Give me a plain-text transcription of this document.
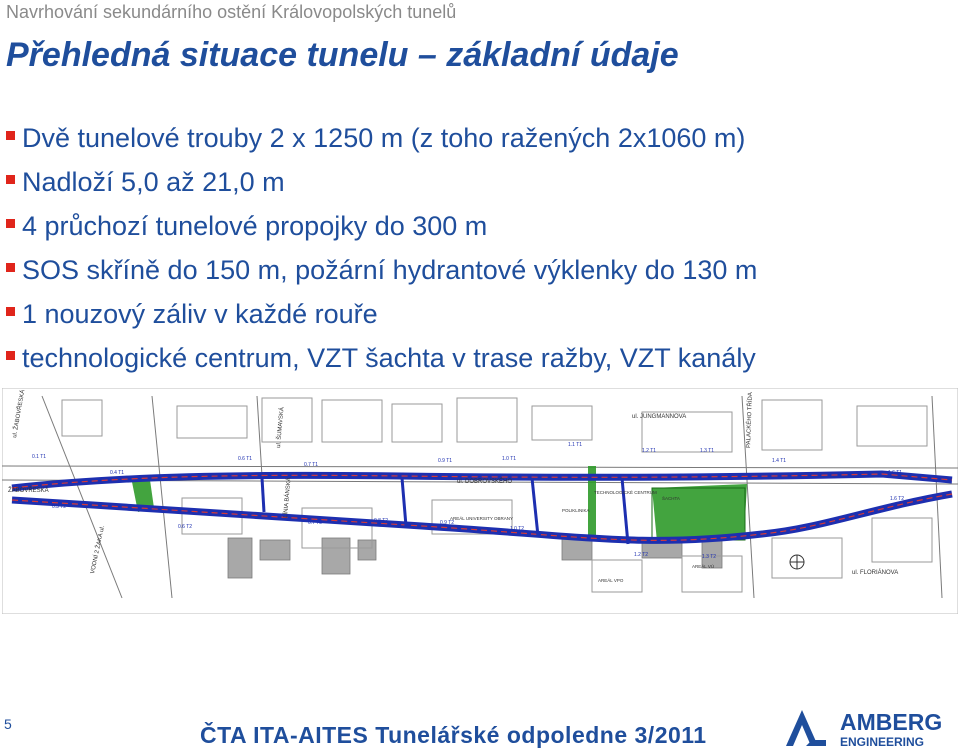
Navrhování sekundárního ostění Královopolských tunelů
Přehledná situace tunelu – základní údaje
Dvě tunelové trouby 2 x 1250 m (z toho ražených 2x1060 m)
Nadloží 5,0 až 21,0 m
4 průchozí tunelové propojky do 300 m
SOS skříně do 150 m, požární hydrantové výklenky do 130 m
1 nouzový záliv v každé rouře
technologické centrum, VZT šachta v trase ražby, VZT kanály
ŽABOVŘESKÁ
ul. ŽABOVŘESKÁ
VODNÍ 2 ŽAKA ul.
ul. JUNGMANNOVA	PALACKÉHO TŘÍDA
ul. DOBROVSKÉHO
ul. FLORIÁNOVA
ul. ŠUMAVSKÁ
LÍNIA BÁNSKÁ	TECHNOLOGICKÉ CENTRUM
POLIKLINIKA
ŠACHTA
AREÁL UNIVERSITY OBRANY
AREÁL VÚ
AREÁL VPO
0.1 T1
0.4 T1
0.6 T1
0.7 T1
0.9 T1	1.0 T1
1.1 T1
1.2 T1	1.3 T1
1.4 T1
1.6 T1
0.3 T2
0.6 T2
0.7 T2	0.8 T2	0.9 T2
1.0 T2
1.2 T2	1.3 T2
1.6 T2
5	ČTA ITA-AITES Tunelářské odpoledne 3/2011	AMBERG
ENGINEERING
